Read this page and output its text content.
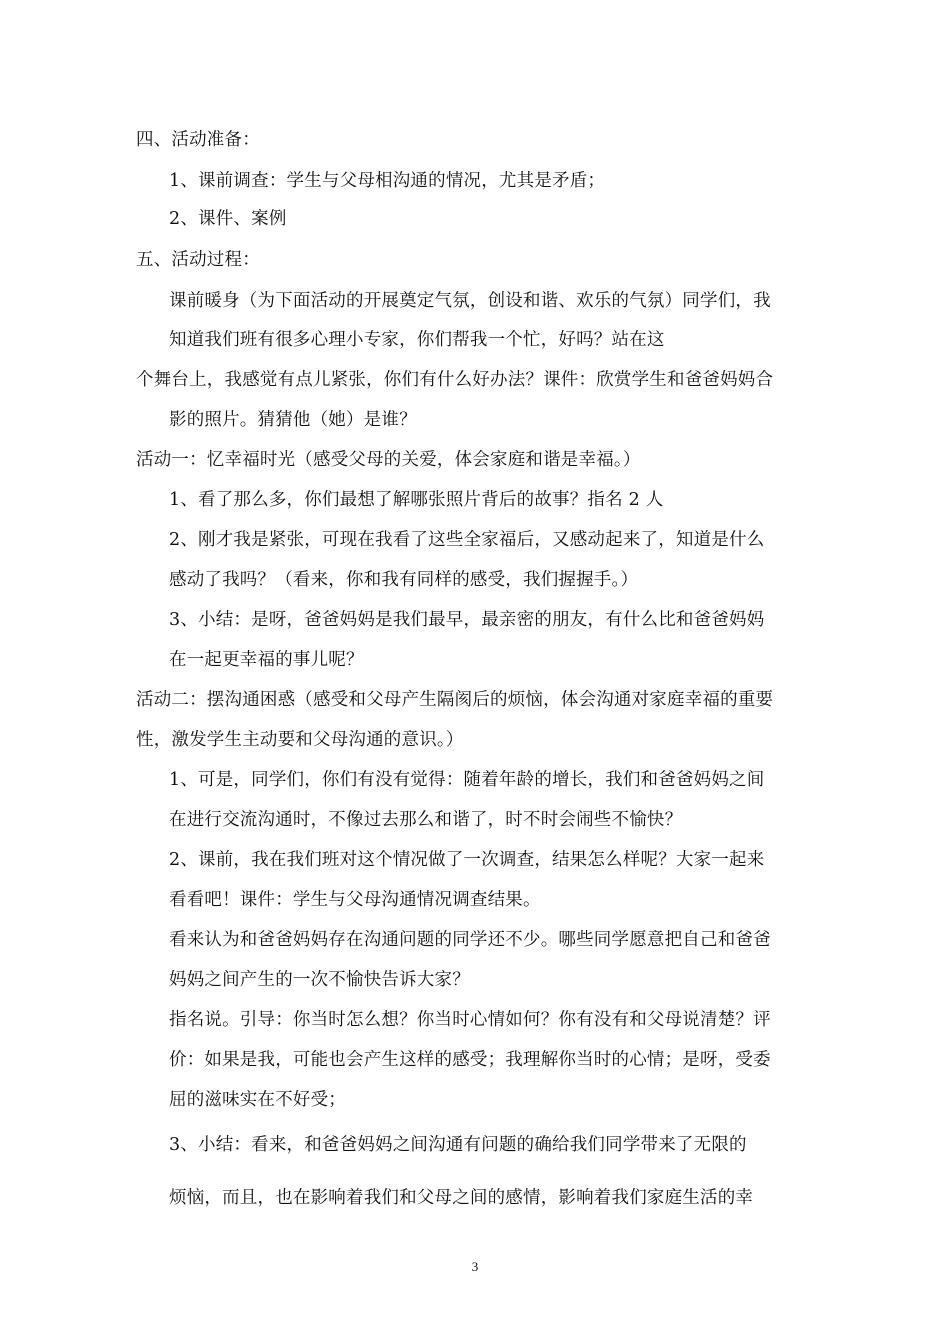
四、活动准备：
1、课前调查：学生与父母相沟通的情况，尤其是矛盾；
2、课件、案例
五、活动过程：
课前暖身（为下面活动的开展奠定气氛，创设和谐、欢乐的气氛）同学们，我
知道我们班有很多心理小专家，你们帮我一个忙，好吗？站在这
个舞台上，我感觉有点儿紧张，你们有什么好办法？课件：欣赏学生和爸爸妈妈合
影的照片。猜猜他（她）是谁？
活动一：忆幸福时光（感受父母的关爱，体会家庭和谐是幸福。）
1、看了那么多，你们最想了解哪张照片背后的故事？指名 2 人
2、刚才我是紧张，可现在我看了这些全家福后，又感动起来了，知道是什么
感动了我吗？（看来，你和我有同样的感受，我们握握手。）
3、小结：是呀，爸爸妈妈是我们最早，最亲密的朋友，有什么比和爸爸妈妈
在一起更幸福的事儿呢？
活动二：摆沟通困惑（感受和父母产生隔阂后的烦恼，体会沟通对家庭幸福的重要
性，激发学生主动要和父母沟通的意识。）
1、可是，同学们，你们有没有觉得：随着年龄的增长，我们和爸爸妈妈之间
在进行交流沟通时，不像过去那么和谐了，时不时会闹些不愉快？
2、课前，我在我们班对这个情况做了一次调查，结果怎么样呢？大家一起来
看看吧！课件：学生与父母沟通情况调查结果。
看来认为和爸爸妈妈存在沟通问题的同学还不少。哪些同学愿意把自己和爸爸
妈妈之间产生的一次不愉快告诉大家？
指名说。引导：你当时怎么想？你当时心情如何？你有没有和父母说清楚？评
价：如果是我，可能也会产生这样的感受；我理解你当时的心情；是呀，受委
屈的滋味实在不好受；
3、小结：看来，和爸爸妈妈之间沟通有问题的确给我们同学带来了无限的
烦恼，而且，也在影响着我们和父母之间的感情，影响着我们家庭生活的幸
3
